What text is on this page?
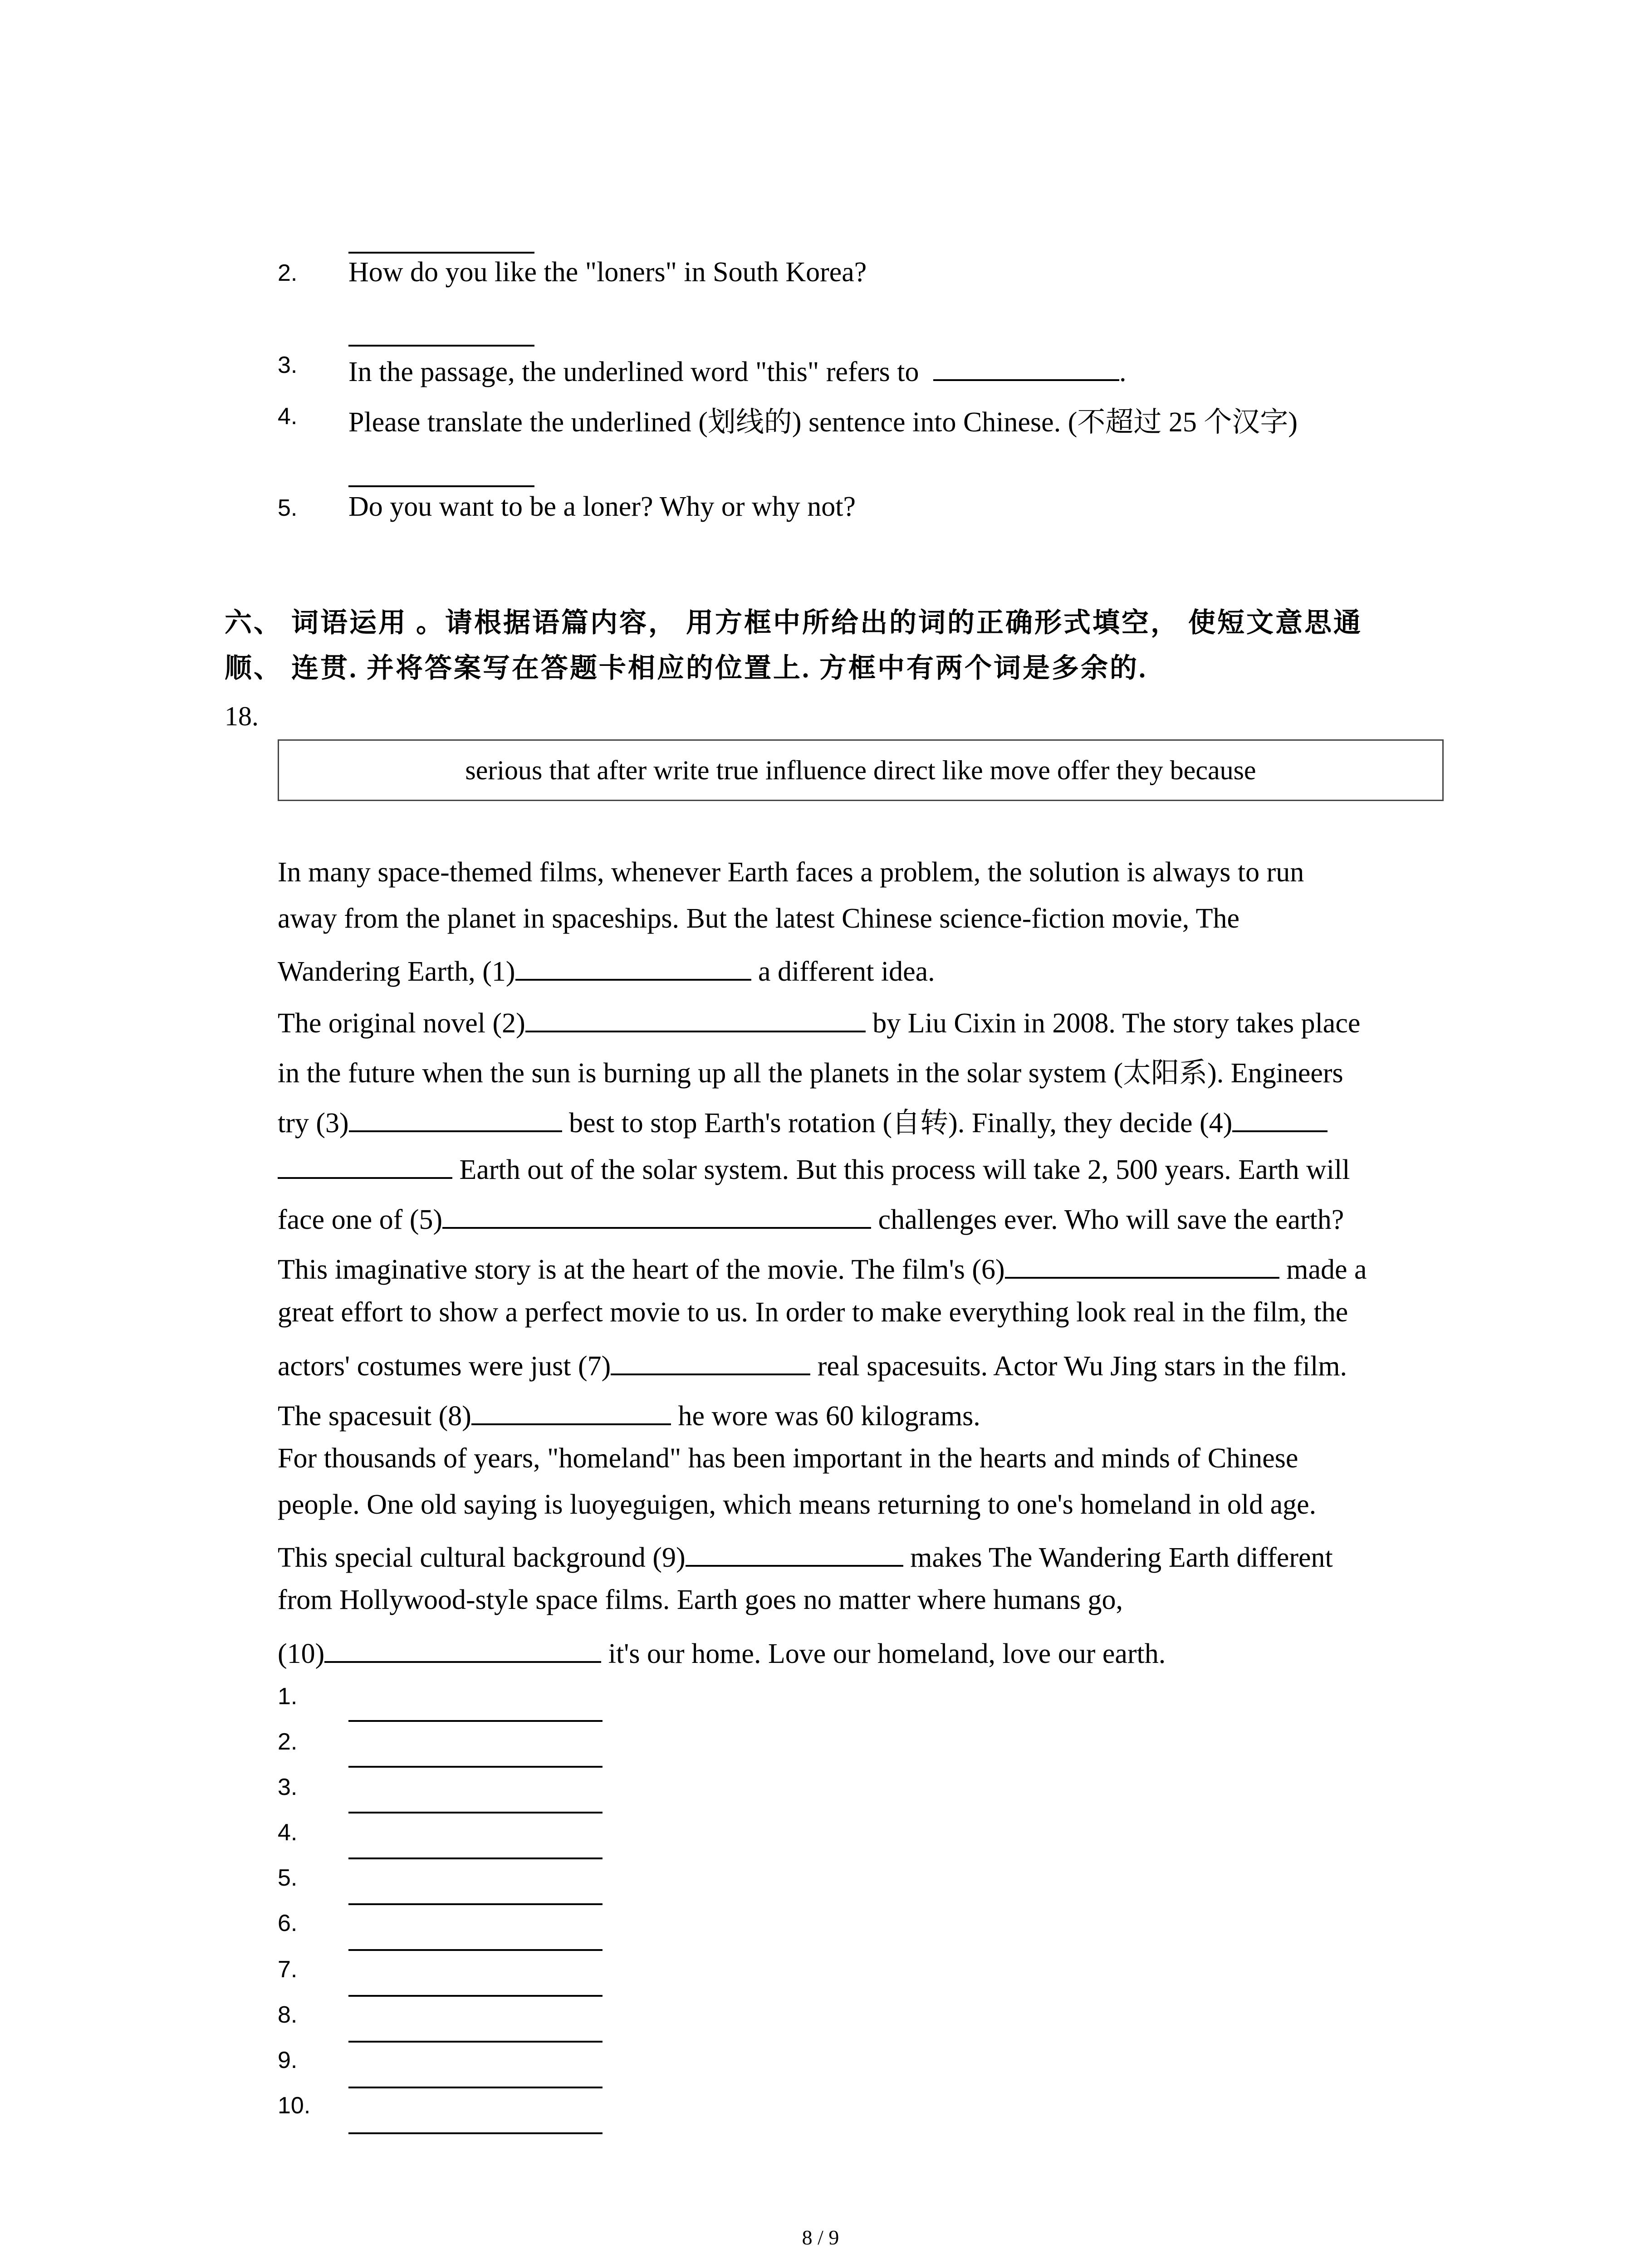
2. How do you like the "loners" in South Korea?
3. In the passage, the underlined word "this" refers to	.
4. Please translate the underlined (划线的) sentence into Chinese. (不超过 25 个汉字)
5. Do you want to be a loner? Why or why not?
六、 词语运用 。请根据语篇内容， 用方框中所给出的词的正确形式填空， 使短文意思通
顺、 连贯. 并将答案写在答题卡相应的位置上. 方框中有两个词是多余的.
18.
serious that after write true influence direct like move offer they because
In many space-themed films, whenever Earth faces a problem, the solution is always to run
away from the planet in spaceships. But the latest Chinese science-fiction movie, The
Wandering Earth, (1)	a different idea.
The original novel (2)	by Liu Cixin in 2008. The story takes place
in the future when the sun is burning up all the planets in the solar system (太阳系). Engineers
try (3)	best to stop Earth's rotation (自转). Finally, they decide (4)
Earth out of the solar system. But this process will take 2, 500 years. Earth will
face one of (5)	challenges ever. Who will save the earth?
This imaginative story is at the heart of the movie. The film's (6)	made a
great effort to show a perfect movie to us. In order to make everything look real in the film, the
actors' costumes were just (7)	real spacesuits. Actor Wu Jing stars in the film.
The spacesuit (8)	he wore was 60 kilograms.
For thousands of years, "homeland" has been important in the hearts and minds of Chinese
people. One old saying is luoyeguigen, which means returning to one's homeland in old age.
This special cultural background (9)	makes The Wandering Earth different
from Hollywood-style space films. Earth goes no matter where humans go,
(10)	it's our home. Love our homeland, love our earth.
1.
2.
3.
4.
5.
6.
7.
8.
9.
10.
8 / 9
